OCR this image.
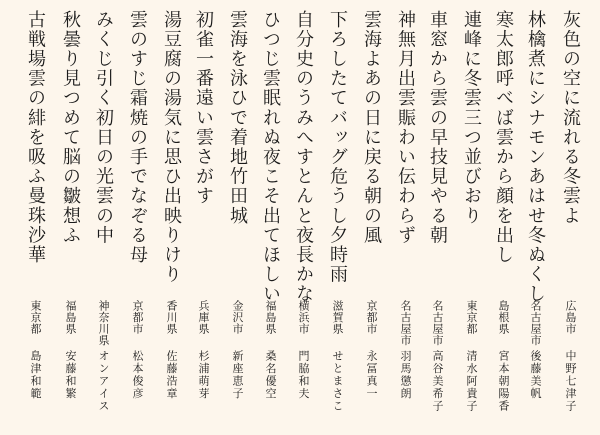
灰色の空に流れる冬雲よ
広島市
中野七津子
林檎煮にシナモンあはせ冬ぬくし
名古屋市
後藤美帆
寒太郎呼べば雲から顔を出し
島根県
宮本朝陽香
連峰に冬雲三つ並びおり
東京都
清水阿貴子
車窓から雲の早技見やる朝
名古屋市
高谷美希子
神無月出雲賑わい伝わらず
名古屋市
羽馬懲朗
雲海よあの日に戻る朝の風
京都市
永冨真一
下ろしたてバッグ危うし夕時雨
滋賀県
せとまさこ
自分史のうみへすとんと夜長かな
横浜市
門脇和夫
ひつじ雲眠れぬ夜こそ出てほしい
福島県
桑名優空
雲海を泳ひで着地竹田城
金沢市
新座恵子
初雀一番遠い雲さがす
兵庫県
杉浦萌芽
湯豆腐の湯気に思ひ出映りけり
香川県
佐藤浩章
雲のすじ霜焼の手でなぞる母
京都市
松本俊彦
みくじ引く初日の光雲の中
神奈川県
オンアイス
秋曇り見つめて脳の皺想ふ
福島県
安藤和繁
古戦場雲の緋を吸ふ曼珠沙華
東京都
島津和範
